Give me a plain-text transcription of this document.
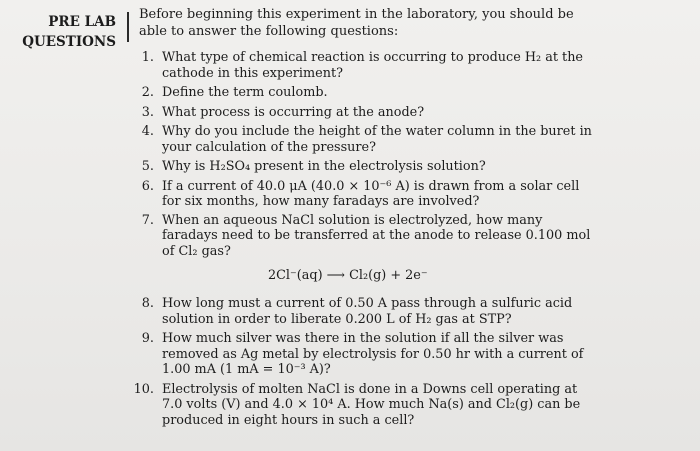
PRE LAB
QUESTIONS
Before beginning this experiment in the laboratory, you should be able to answer the following questions:
1. What type of chemical reaction is occurring to produce H₂ at the cathode in this experiment?
2. Define the term coulomb.
3. What process is occurring at the anode?
4. Why do you include the height of the water column in the buret in your calculation of the pressure?
5. Why is H₂SO₄ present in the electrolysis solution?
6. If a current of 40.0 μA (40.0 × 10⁻⁶ A) is drawn from a solar cell for six months, how many faradays are involved?
7. When an aqueous NaCl solution is electrolyzed, how many faradays need to be transferred at the anode to release 0.100 mol of Cl₂ gas?
2Cl⁻(aq) ⟶ Cl₂(g) + 2e⁻
8. How long must a current of 0.50 A pass through a sulfuric acid solution in order to liberate 0.200 L of H₂ gas at STP?
9. How much silver was there in the solution if all the silver was removed as Ag metal by electrolysis for 0.50 hr with a current of 1.00 mA (1 mA = 10⁻³ A)?
10. Electrolysis of molten NaCl is done in a Downs cell operating at 7.0 volts (V) and 4.0 × 10⁴ A. How much Na(s) and Cl₂(g) can be produced in eight hours in such a cell?
